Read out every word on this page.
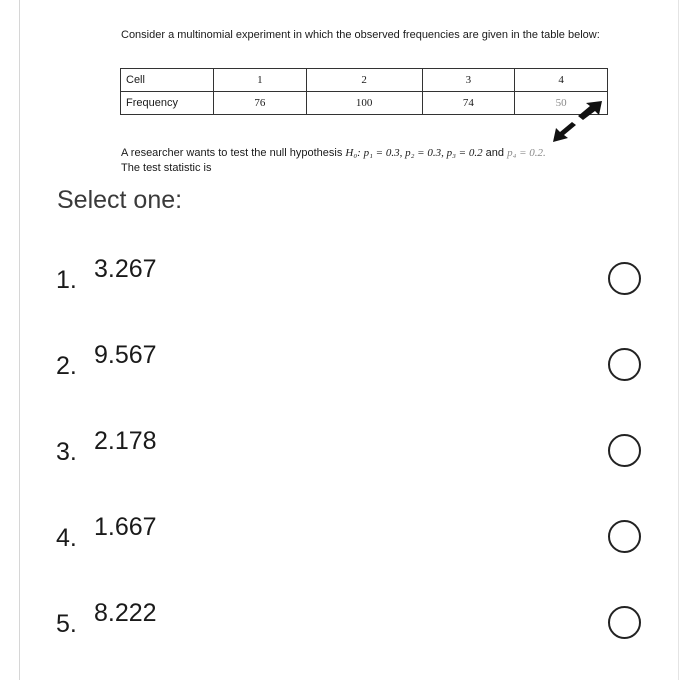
Consider a multinomial experiment in which the observed frequencies are given in the table below:
Cell	1	2	3	4
Frequency	76	100	74	50
A researcher wants to test the null hypothesis H₀: p₁ = 0.3, p₂ = 0.3, p₃ = 0.2 and p₄ = 0.2.
The test statistic is
Select one:
1. 3.267
2. 9.567
3. 2.178
4. 1.667
5. 8.222
